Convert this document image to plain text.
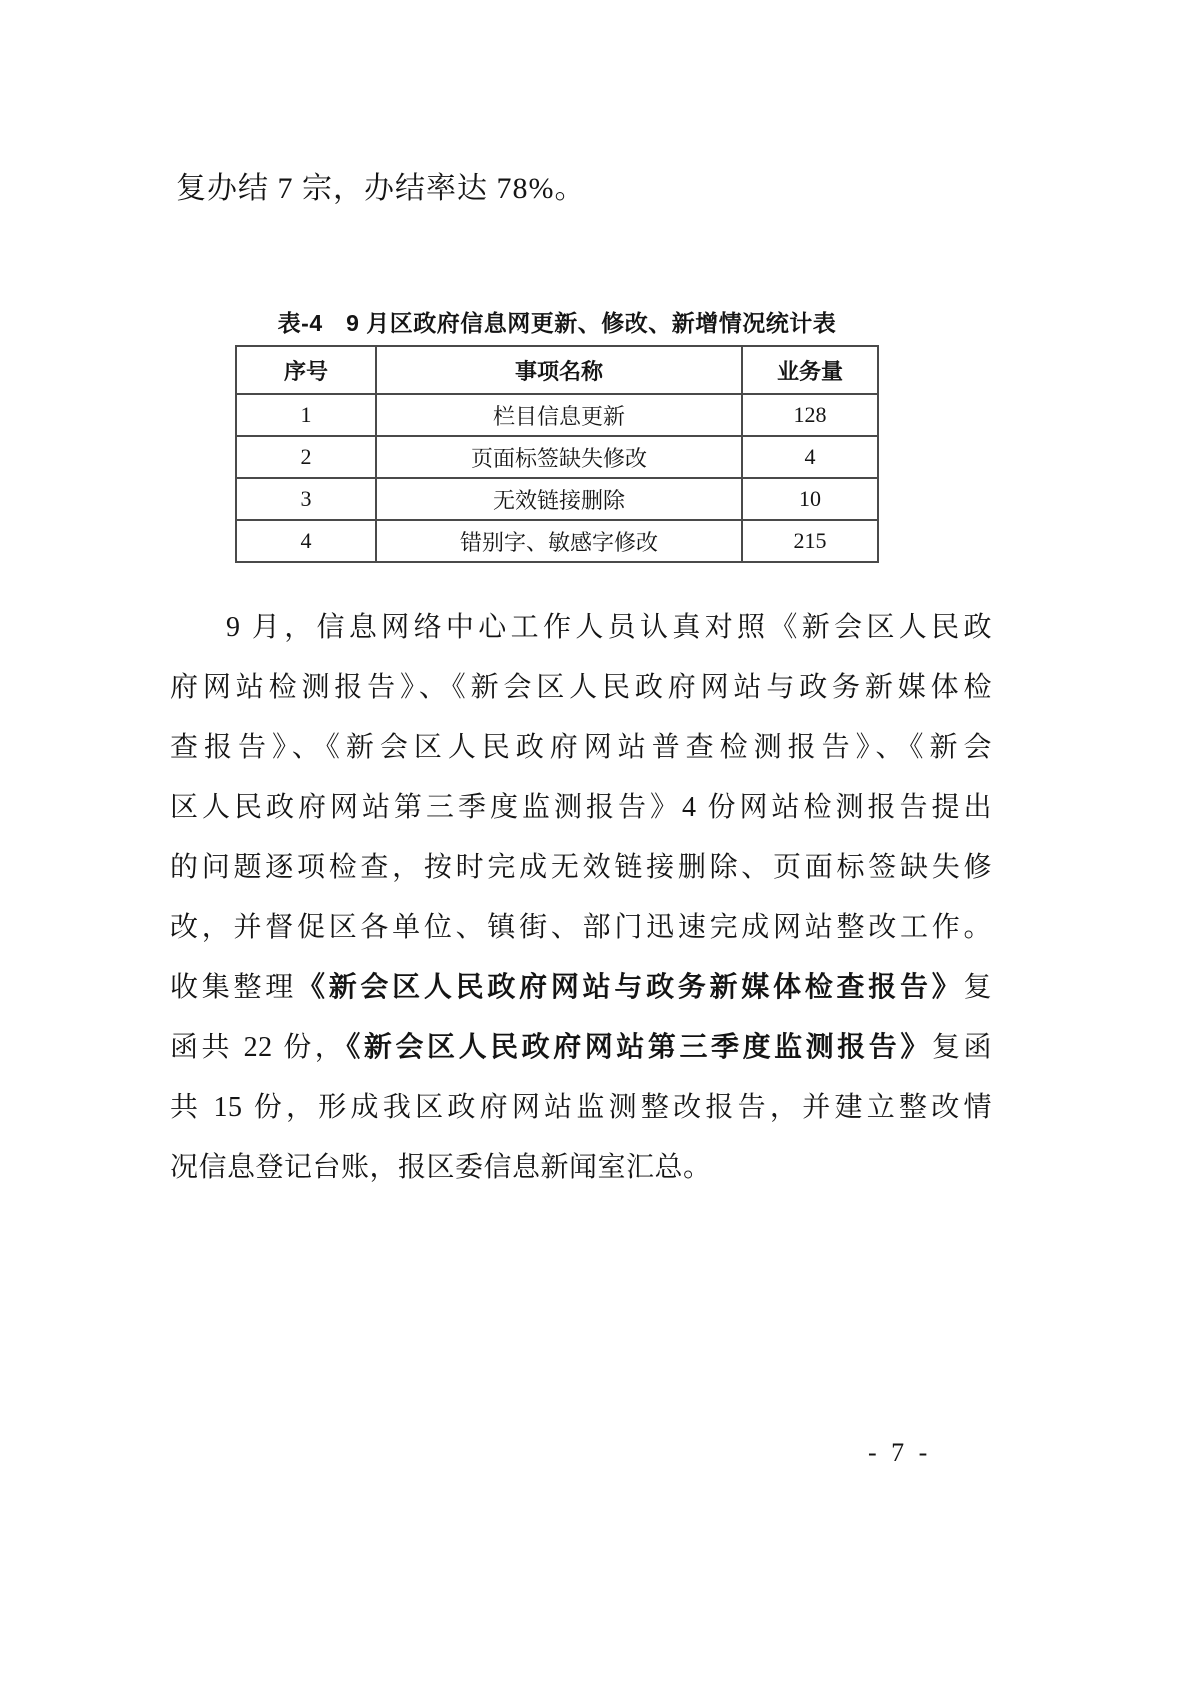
复办结 7 宗，办结率达 78%。

表-4　9 月区政府信息网更新、修改、新增情况统计表
序号	事项名称	业务量
1	栏目信息更新	128
2	页面标签缺失修改	4
3	无效链接删除	10
4	错别字、敏感字修改	215
9 月，信息网络中心工作人员认真对照《新会区人民政
府网站检测报告》、《新会区人民政府网站与政务新媒体检
查报告》、《新会区人民政府网站普查检测报告》、《新会
区人民政府网站第三季度监测报告》4 份网站检测报告提出
的问题逐项检查，按时完成无效链接删除、页面标签缺失修
改，并督促区各单位、镇街、部门迅速完成网站整改工作。
收集整理《新会区人民政府网站与政务新媒体检查报告》复
函共 22 份，《新会区人民政府网站第三季度监测报告》复函
共 15 份，形成我区政府网站监测整改报告，并建立整改情
况信息登记台账，报区委信息新闻室汇总。
- 7 -
